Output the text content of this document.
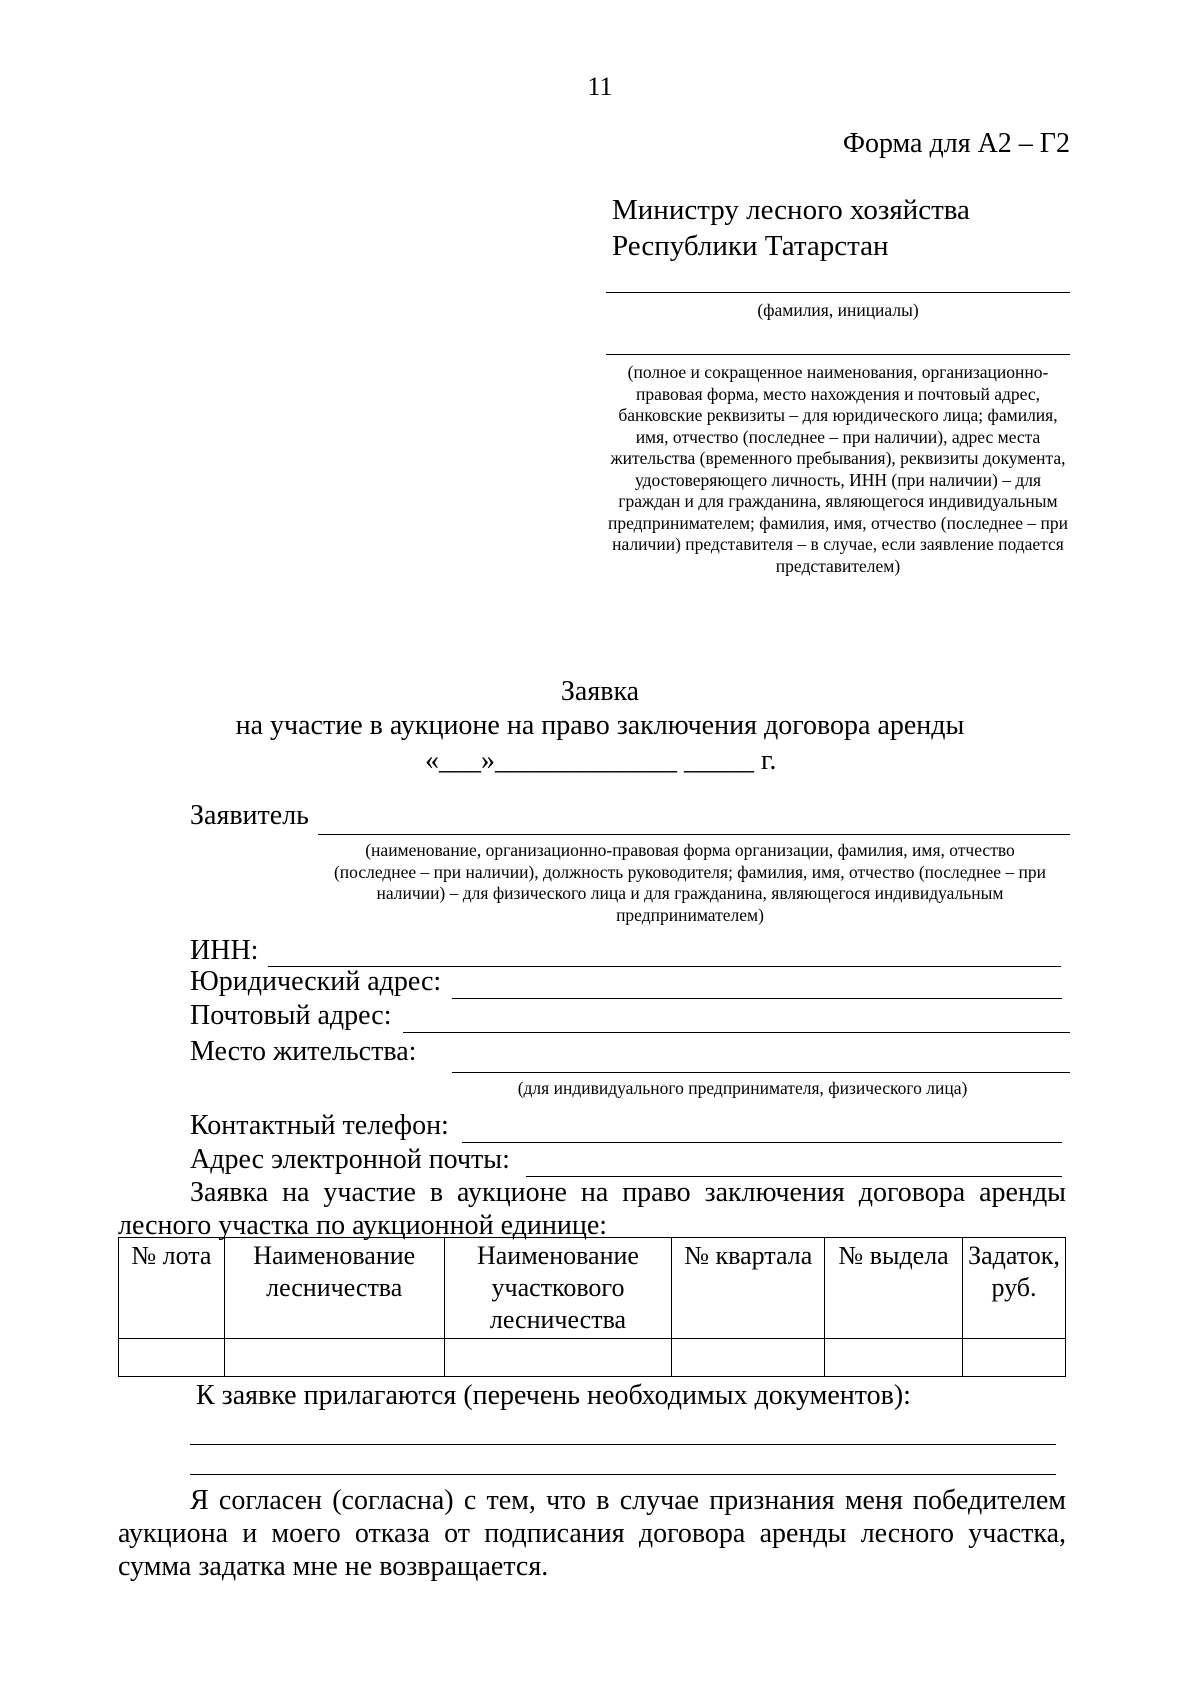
11
Форма для А2 – Г2
Министру лесного хозяйства
Республики Татарстан
(фамилия, инициалы)
(полное и сокращенное наименования, организационно-правовая форма, место нахождения и почтовый адрес, банковские реквизиты – для юридического лица; фамилия, имя, отчество (последнее – при наличии), адрес места жительства (временного пребывания), реквизиты документа, удостоверяющего личность, ИНН (при наличии) – для граждан и для гражданина, являющегося индивидуальным предпринимателем; фамилия, имя, отчество (последнее – при наличии) представителя – в случае, если заявление подается представителем)
Заявка
на участие в аукционе на право заключения договора аренды
«___»_____________ _____ г.
Заявитель
(наименование, организационно-правовая форма организации, фамилия, имя, отчество (последнее – при наличии), должность руководителя; фамилия, имя, отчество (последнее – при наличии) – для физического лица и для гражданина, являющегося индивидуальным предпринимателем)
ИНН:
Юридический адрес:
Почтовый адрес:
Место жительства:
(для индивидуального предпринимателя, физического лица)
Контактный телефон:
Адрес электронной почты:
Заявка на участие в аукционе на право заключения договора аренды лесного участка по аукционной единице:
№ лота	Наименование лесничества	Наименование участкового лесничества	№ квартала	№ выдела	Задаток, руб.

К заявке прилагаются (перечень необходимых документов):
Я согласен (согласна) с тем, что в случае признания меня победителем аукциона и моего отказа от подписания договора аренды лесного участка, сумма задатка мне не возвращается.
